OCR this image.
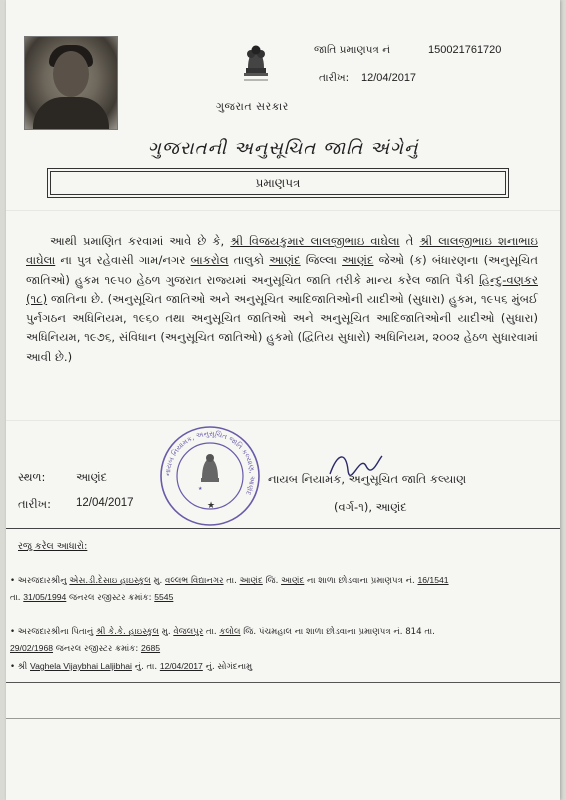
ગુજરાત સરકાર
જાતિ પ્રમાણપત્ર નં	150021761720
તારીખ: 12/04/2017
ગુજરાતની અનુસૂચિત જાતિ અંગેનું
પ્રમાણપત્ર
આથી પ્રમાણિત કરવામાં આવે છે કે, શ્રી વિજયકુમાર લાલજીભાઇ વાઘેલા તે શ્રી લાલજીભાઇ શનાભાઇ વાઘેલા ના પુત્ર રહેવાસી ગામ/નગર બાકરોલ તાલુકો આણંદ જિલ્લા આણંદ જેઓ (ક) બંધારણના (અનુસૂચિત જાતિઓ) હુકમ ૧૯૫૦ હેઠળ ગુજરાત રાજ્યમાં અનુસૂચિત જાતિ તરીકે માન્ય કરેલ જાતિ પૈકી હિન્દુ-વણકર (૧૮) જાતિના છે. (અનુસૂચિત જાતિઓ અને અનુસૂચિત આદિજાતિઓની યાદીઓ (સુધારા) હુકમ, ૧૯૫૬ મુંબઈ પુર્નગઠન અધિનિયમ, ૧૯૬૦ તથા અનુસૂચિત જાતિઓ અને અનુસૂચિત આદિજાતિઓની યાદીઓ (સુધારા) અધિનિયમ, ૧૯૭૬, સંવિધાન (અનુસૂચિત જાતિઓ) હુકમો (દ્વિતિય સુધારો) અધિનિયમ, ૨૦૦૨ હેઠળ સુધારવામાં આવી છે.)
નાયબ નિયામક, અનુસૂચિત જાતિ કલ્યાણ, આણંદ
★
★
સ્થળ:	આણંદ
તારીખ: 12/04/2017
નાયબ નિયામક, અનુસૂચિત જાતિ કલ્યાણ
(વર્ગ-૧), આણંદ
રજુ કરેલ આધારો:
• અરજદારશ્રીનુ એસ.ડી.દેસાઇ હાઇસ્કુલ મુ. વલ્લભ વિદ્યાનગર તા. આણંદ જિ. આણંદ ના શાળા છોડવાના પ્રમાણપત્ર નં. 16/1541
તા. 31/05/1994 જનરલ રજીસ્ટર ક્રમાંક: 5545
• અરજદારશ્રીના પિતાનું શ્રી કે.કે. હાઇસ્કુલ મુ. વેજલપુર તા. કલોલ જિ. પંચમહાલ ના શાળા છોડવાના પ્રમાણપત્ર નં. 814 તા.
29/02/1968 જનરલ રજીસ્ટર ક્રમાંક: 2685
• શ્રી Vaghela Vijaybhai Laljibhai નું. તા. 12/04/2017 નું. સોગંદનામુ
